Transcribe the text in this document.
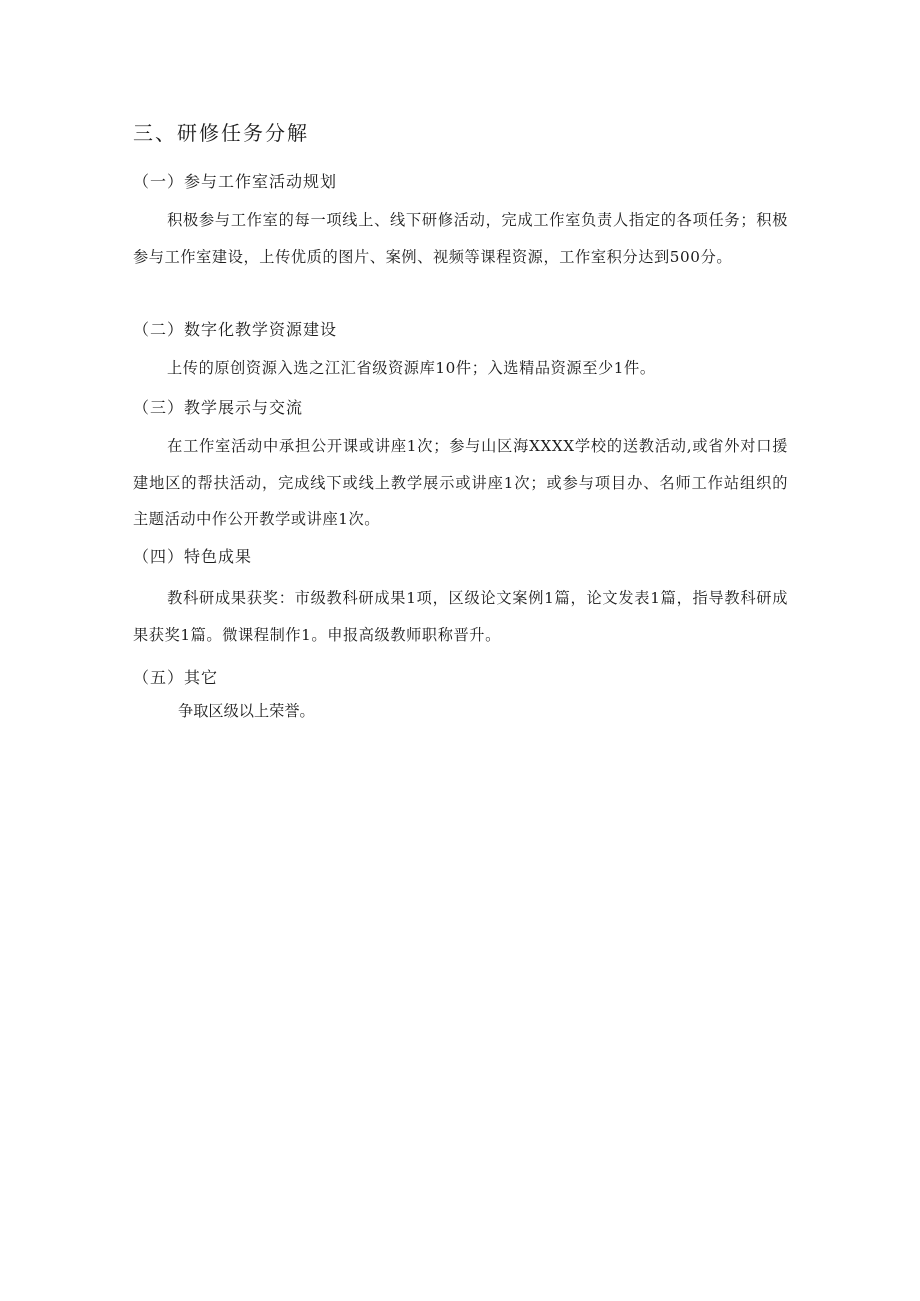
三、研修任务分解
（一）参与工作室活动规划

积极参与工作室的每一项线上、线下研修活动，完成工作室负责人指定的各项任务；积极参与工作室建设，上传优质的图片、案例、视频等课程资源，工作室积分达到500分。

（二）数字化教学资源建设

上传的原创资源入选之江汇省级资源库10件；入选精品资源至少1件。

（三）教学展示与交流

在工作室活动中承担公开课或讲座1次；参与山区海XXXX学校的送教活动,或省外对口援建地区的帮扶活动，完成线下或线上教学展示或讲座1次；或参与项目办、名师工作站组织的主题活动中作公开教学或讲座1次。

（四）特色成果

教科研成果获奖：市级教科研成果1项，区级论文案例1篇，论文发表1篇，指导教科研成果获奖1篇。微课程制作1。申报高级教师职称晋升。

（五）其它

争取区级以上荣誉。
